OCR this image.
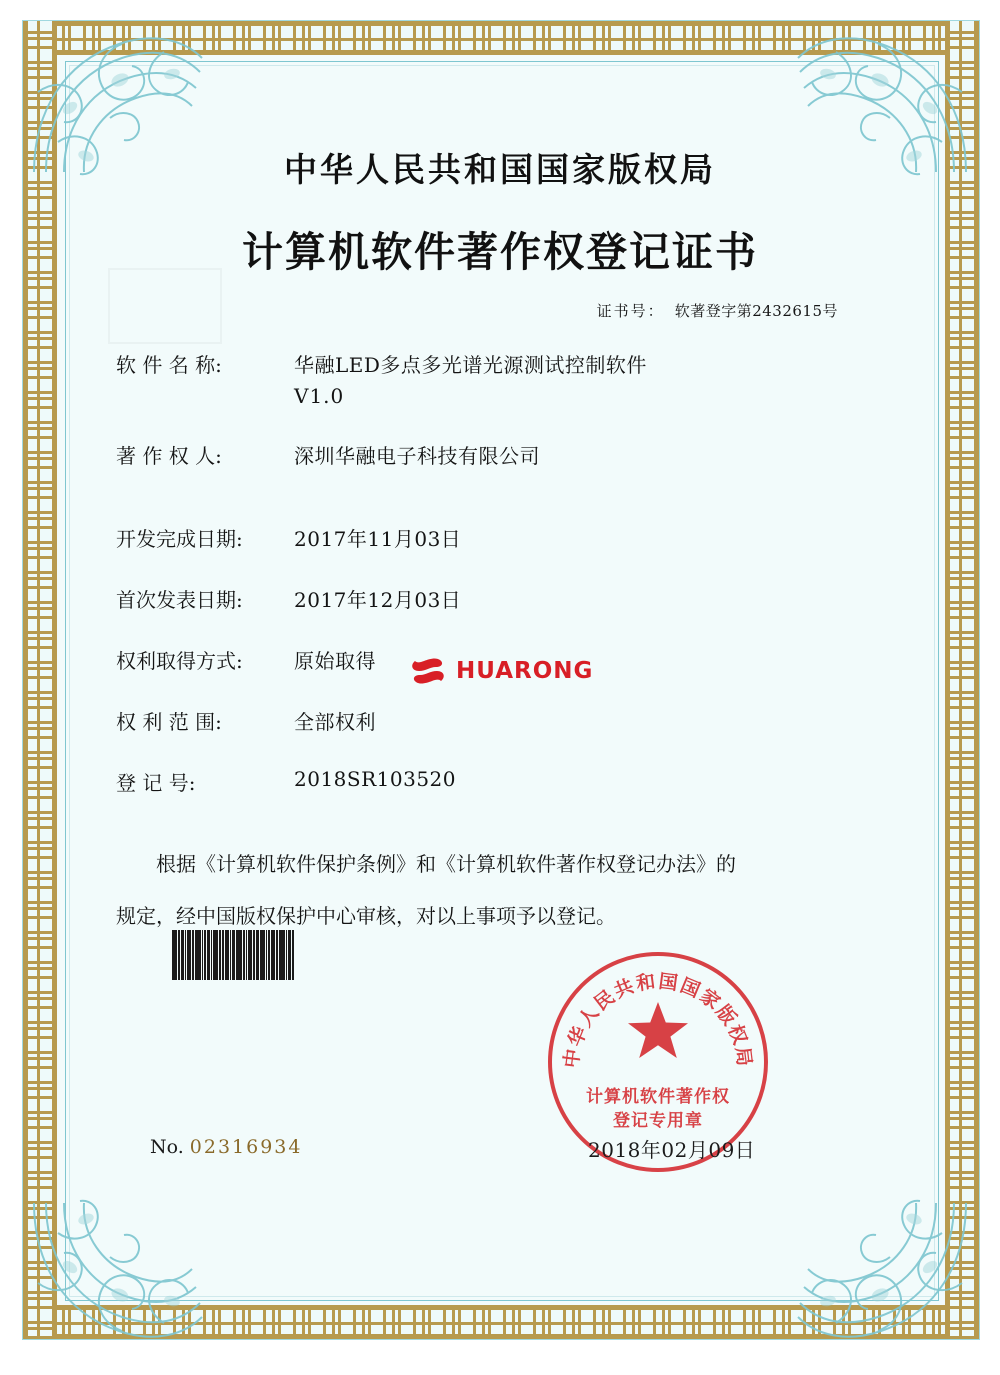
中华人民共和国国家版权局
计算机软件著作权登记证书
证书号： 软著登字第2432615号
软 件 名 称:	华融LED多点多光谱光源测试控制软件
V1.0
著 作 权 人:	深圳华融电子科技有限公司
开发完成日期:	2017年11月03日
首次发表日期:	2017年12月03日
权利取得方式:	原始取得
权 利 范 围:	全部权利
登 记 号:	2018SR103520
根据《计算机软件保护条例》和《计算机软件著作权登记办法》的
规定，经中国版权保护中心审核，对以上事项予以登记。
HUARONG
中华人民共和国国家版权局
计算机软件著作权
登记专用章
2018年02月09日
No. 02316934
